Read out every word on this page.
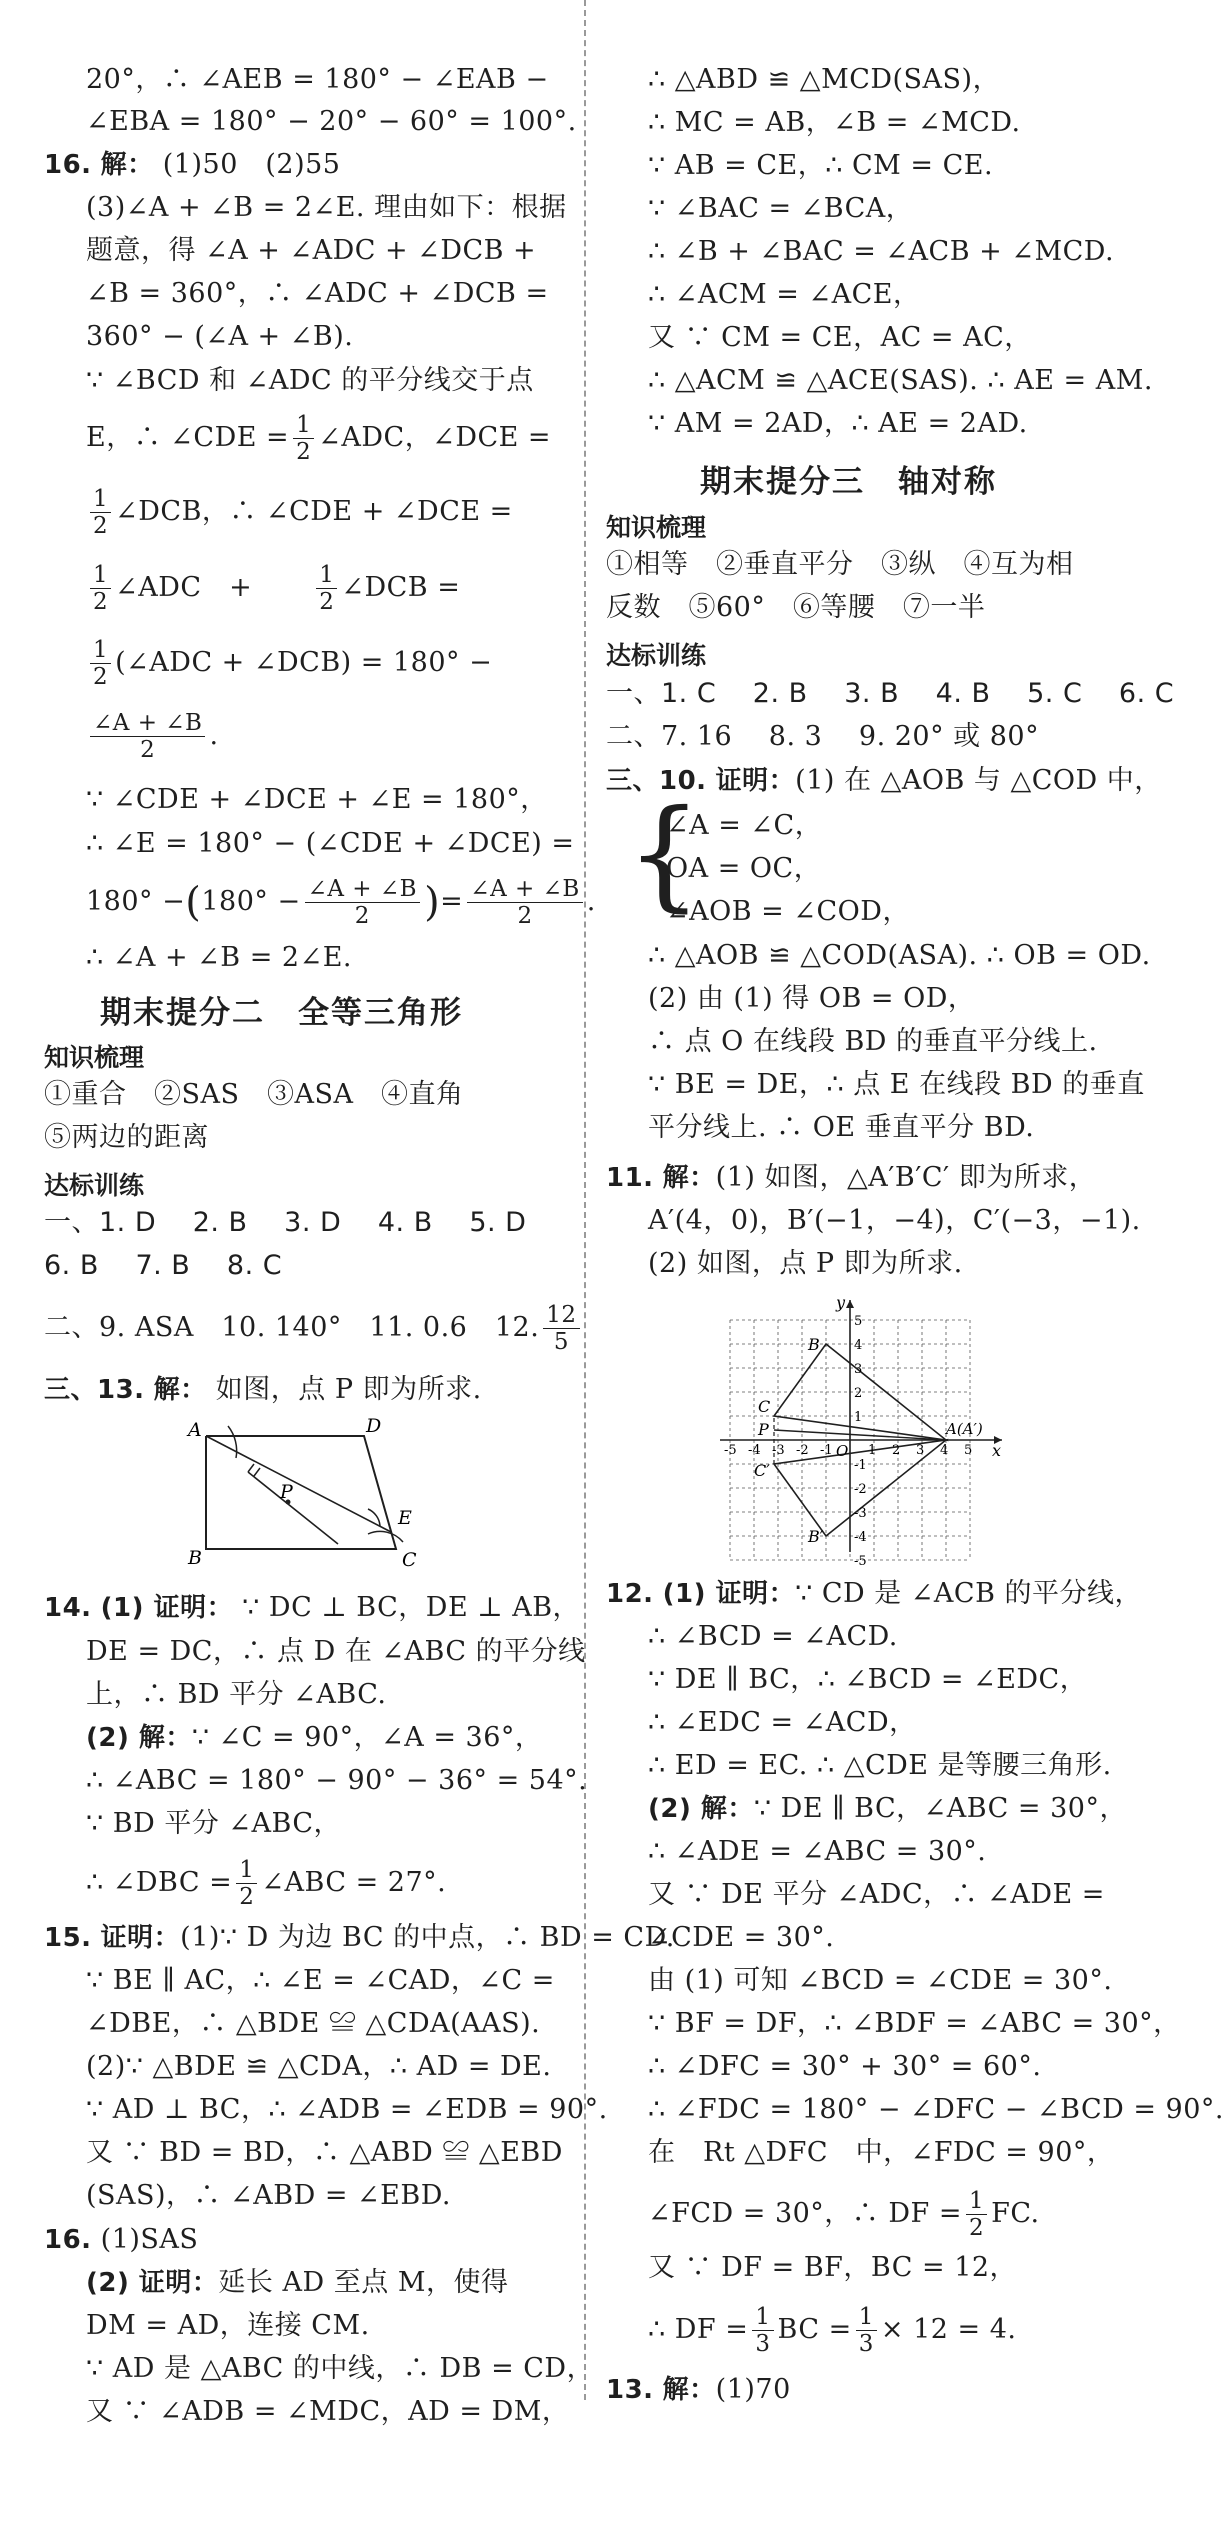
20°，∴ ∠AEB = 180° − ∠EAB −
∠EBA = 180° − 20° − 60° = 100°.
16. 解： (1)50　(2)55
(3)∠A + ∠B = 2∠E. 理由如下：根据
题意，得 ∠A + ∠ADC + ∠DCB +
∠B = 360°，∴ ∠ADC + ∠DCB =
360° − (∠A + ∠B).
∵ ∠BCD 和 ∠ADC 的平分线交于点
E，∴ ∠CDE = $\frac{1}{2}$ ∠ADC，∠DCE =
$\frac{1}{2}$ ∠DCB，∴ ∠CDE + ∠DCE =
$\frac{1}{2}$ ∠ADC　+	$\frac{1}{2}$ ∠DCB =
$\frac{1}{2}$ (∠ADC + ∠DCB) = 180° −
$\frac{\angle A + \angle B}{2}$ .
∵ ∠CDE + ∠DCE + ∠E = 180°，
∴ ∠E = 180° − (∠CDE + ∠DCE) =
$180^\circ -(180^\circ - \frac{\angle A + \angle B}{2}$ )= $\frac{\angle A + \angle B}{2}$ .
∴ ∠A + ∠B = 2∠E.
期末提分二　全等三角形
知识梳理
①重合　②SAS　③ASA　④直角
⑤两边的距离
达标训练
一、1. D　 2. B　 3. D　 4. B　 5. D
6. B　 7. B　 8. C
二、9. ASA　10. 140°　11. 0.6　12. $\frac{12}{5}$
三、13. 解： 如图，点 P 即为所求.
A	D
B	C
E
P
14. (1) 证明： ∵ DC ⊥ BC，DE ⊥ AB，
DE = DC，∴ 点 D 在 ∠ABC 的平分线
上，∴ BD 平分 ∠ABC.
(2) 解：∵ ∠C = 90°，∠A = 36°，
∴ ∠ABC = 180° − 90° − 36° = 54°.
∵ BD 平分 ∠ABC，
∴ ∠DBC = $\frac{1}{2}$ ∠ABC = 27°.
15. 证明：(1)∵ D 为边 BC 的中点，∴ BD = CD.
∵ BE ∥ AC，∴ ∠E = ∠CAD，∠C =
∠DBE，∴ △BDE ≌ △CDA(AAS).
(2)∵ △BDE ≌ △CDA，∴ AD = DE.
∵ AD ⊥ BC，∴ ∠ADB = ∠EDB = 90°.
又 ∵ BD = BD，∴ △ABD ≌ △EBD
(SAS)，∴ ∠ABD = ∠EBD.
16. (1)SAS
(2) 证明：延长 AD 至点 M，使得
DM = AD，连接 CM.
∵ AD 是 △ABC 的中线，∴ DB = CD，
又 ∵ ∠ADB = ∠MDC，AD = DM，
∴ △ABD ≌ △MCD(SAS)，
∴ MC = AB，∠B = ∠MCD.
∵ AB = CE，∴ CM = CE.
∵ ∠BAC = ∠BCA，
∴ ∠B + ∠BAC = ∠ACB + ∠MCD.
∴ ∠ACM = ∠ACE，
又 ∵ CM = CE，AC = AC，
∴ △ACM ≌ △ACE(SAS). ∴ AE = AM.
∵ AM = 2AD，∴ AE = 2AD.
期末提分三　轴对称
知识梳理
①相等　②垂直平分　③纵　④互为相
反数　⑤60°　⑥等腰　⑦一半
达标训练
一、1. C　 2. B　 3. B　 4. B　 5. C　 6. C
二、7. 16　 8. 3　 9. 20° 或 80°
三、10. 证明：(1) 在 △AOB 与 △COD 中，
{
∠A = ∠C，
OA = OC，
∠AOB = ∠COD，
∴ △AOB ≌ △COD(ASA). ∴ OB = OD.
(2) 由 (1) 得 OB = OD，
∴ 点 O 在线段 BD 的垂直平分线上.
∵ BE = DE，∴ 点 E 在线段 BD 的垂直
平分线上. ∴ OE 垂直平分 BD.
11. 解：(1) 如图，△A′B′C′ 即为所求，
A′(4，0)，B′(−1，−4)，C′(−3，−1).
(2) 如图，点 P 即为所求.
x
y
O
B
C
P	A(A′)
C′
B′
-5 -4 -3 -2 -1	1 2 3 4 5
5
4
3
2
1
-1
-2
-3
-4
-5
12. (1) 证明：∵ CD 是 ∠ACB 的平分线，
∴ ∠BCD = ∠ACD.
∵ DE ∥ BC，∴ ∠BCD = ∠EDC，
∴ ∠EDC = ∠ACD，
∴ ED = EC. ∴ △CDE 是等腰三角形.
(2) 解：∵ DE ∥ BC，∠ABC = 30°，
∴ ∠ADE = ∠ABC = 30°.
又 ∵ DE 平分 ∠ADC，∴ ∠ADE =
∠CDE = 30°.
由 (1) 可知 ∠BCD = ∠CDE = 30°.
∵ BF = DF，∴ ∠BDF = ∠ABC = 30°，
∴ ∠DFC = 30° + 30° = 60°.
∴ ∠FDC = 180° − ∠DFC − ∠BCD = 90°.
在　Rt △DFC　中，∠FDC = 90°，
∠FCD = 30°，∴ DF = $\frac{1}{2}$ FC.
又 ∵ DF = BF，BC = 12，
∴ DF = $\frac{1}{3}$ BC = $\frac{1}{3} \times 12 = 4$.
13. 解：(1)70
